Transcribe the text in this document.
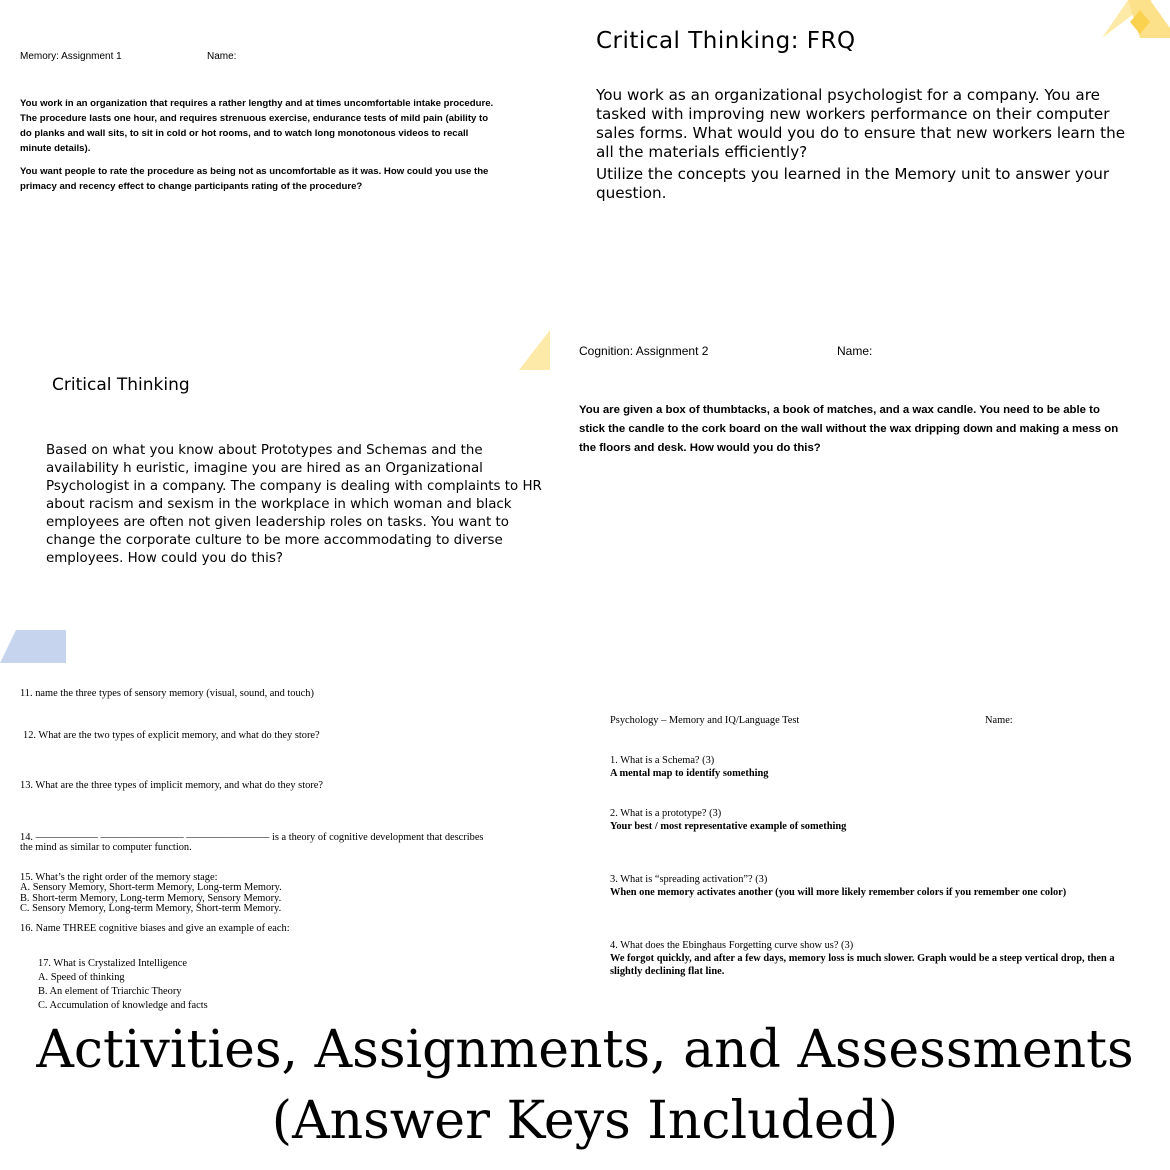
Memory: Assignment 1	Name:
You work in an organization that requires a rather lengthy and at times uncomfortable intake procedure. The procedure lasts one hour, and requires strenuous exercise, endurance tests of mild pain (ability to do planks and wall sits, to sit in cold or hot rooms, and to watch long monotonous videos to recall minute details).
You want people to rate the procedure as being not as uncomfortable as it was. How could you use the primacy and recency effect to change participants rating of the procedure?
Critical Thinking: FRQ
You work as an organizational psychologist for a company. You are tasked with improving new workers performance on their computer sales forms. What would you do to ensure that new workers learn the all the materials efficiently?
Utilize the concepts you learned in the Memory unit to answer your question.
Critical Thinking
Based on what you know about Prototypes and Schemas and the availability h euristic, imagine you are hired as an Organizational Psychologist in a company. The company is dealing with complaints to HR about racism and sexism in the workplace in which woman and black employees are often not given leadership roles on tasks. You want to change the corporate culture to be more accommodating to diverse employees. How could you do this?
Cognition: Assignment 2	Name:
You are given a box of thumbtacks, a book of matches, and a wax candle. You need to be able to stick the candle to the cork board on the wall without the wax dripping down and making a mess on the floors and desk. How would you do this?
11. name the three types of sensory memory (visual, sound, and touch)
12. What are the two types of explicit memory, and what do they store?
13. What are the three types of implicit memory, and what do they store?
14. —————— ———————— ———————— is a theory of cognitive development that describes
the mind as similar to computer function.
15. What’s the right order of the memory stage:
A. Sensory Memory, Short-term Memory, Long-term Memory.
B. Short-term Memory, Long-term Memory, Sensory Memory.
C. Sensory Memory, Long-term Memory, Short-term Memory.
16. Name THREE cognitive biases and give an example of each:
17. What is Crystalized Intelligence
A. Speed of thinking
B. An element of Triarchic Theory
C. Accumulation of knowledge and facts
Psychology – Memory and IQ/Language Test	Name:
1. What is a Schema? (3)
A mental map to identify something
2. What is a prototype? (3)
Your best / most representative example of something
3. What is “spreading activation”? (3)
When one memory activates another (you will more likely remember colors if you remember one color)
4. What does the Ebinghaus Forgetting curve show us? (3)
We forgot quickly, and after a few days, memory loss is much slower. Graph would be a steep vertical drop, then a slightly declining flat line.
Activities, Assignments, and Assessments
(Answer Keys Included)
